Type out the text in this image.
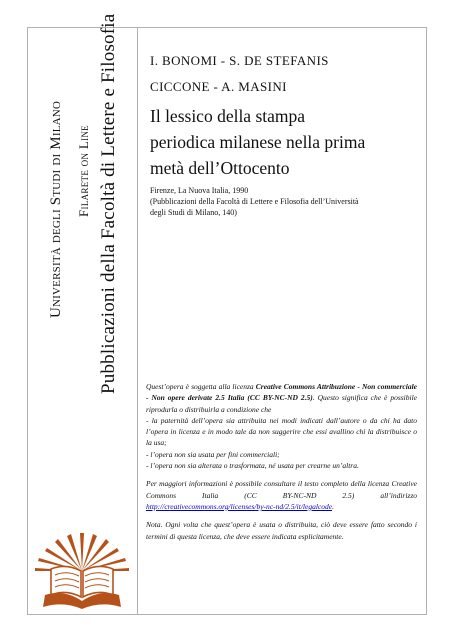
Università degli Studi di Milano Filarete on Line Pubblicazioni della Facoltà di Lettere e Filosofia I. BONOMI - S. DE STEFANIS
CICCONE - A. MASINI
Il lessico della stampa
periodica milanese nella prima
metà dell’Ottocento
Firenze, La Nuova Italia, 1990
(Pubblicazioni della Facoltà di Lettere e Filosofia dell’Università
degli Studi di Milano, 140)

Quest’opera è soggetta alla licenza Creative Commons Attribuzione - Non commerciale - Non opere derivate 2.5 Italia (CC BY-NC-ND 2.5). Questo significa che è possibile riprodurla o distribuirla a condizione che

- la paternità dell’opera sia attribuita nei modi indicati dall’autore o da chi ha dato l’opera in licenza e in modo tale da non suggerire che essi avallino chi la distribuisce o la usa;

- l’opera non sia usata per fini commerciali;

- l’opera non sia alterata o trasformata, né usata per crearne un’altra.

Per maggiori informazioni è possibile consultare il testo completo della licenza Creative Commons Italia (CC BY-NC-ND 2.5) all’indirizzo http://creativecommons.org/licenses/by-nc-nd/2.5/it/legalcode.

Nota. Ogni volta che quest’opera è usata o distribuita, ciò deve essere fatto secondo i termini di questa licenza, che deve essere indicata esplicitamente.
